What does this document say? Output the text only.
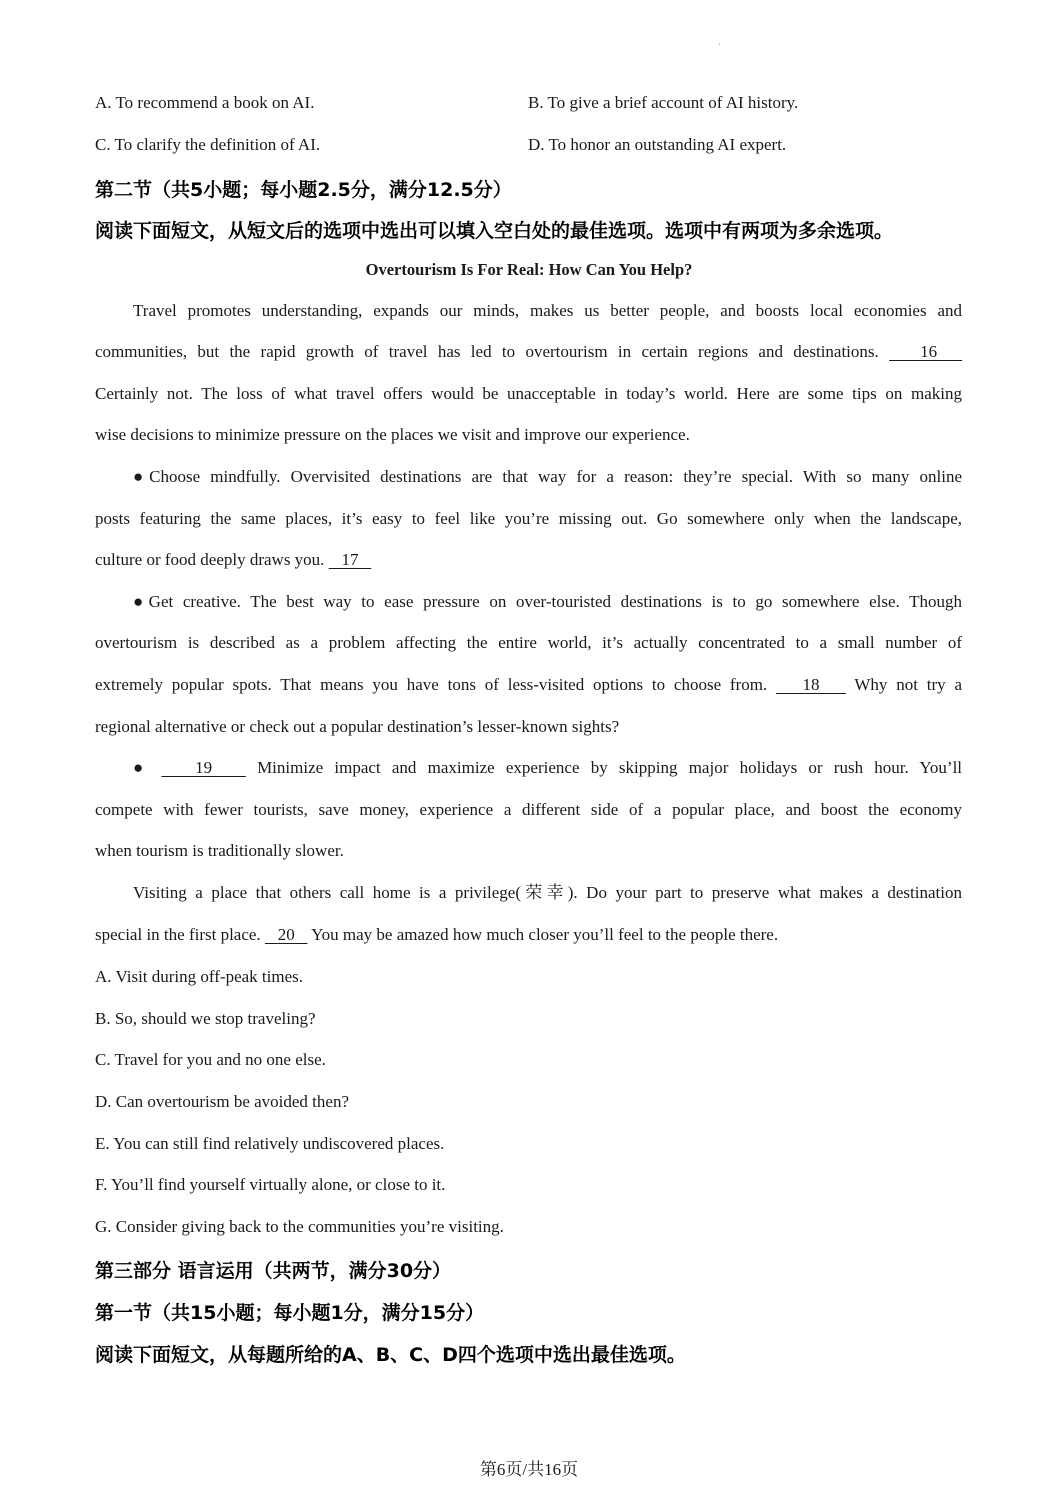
·
A. To recommend a book on AI.	B. To give a brief account of AI history.
C. To clarify the definition of AI.	D. To honor an outstanding AI expert.
第二节（共5小题；每小题2.5分，满分12.5分）
阅读下面短文，从短文后的选项中选出可以填入空白处的最佳选项。选项中有两项为多余选项。
Overtourism Is For Real: How Can You Help?
Travel promotes understanding, expands our minds, makes us better people, and boosts local economies and
communities, but the rapid growth of travel has led to overtourism in certain regions and destinations. 16
Certainly not. The loss of what travel offers would be unacceptable in today’s world. Here are some tips on making
wise decisions to minimize pressure on the places we visit and improve our experience.
●Choose mindfully. Overvisited destinations are that way for a reason: they’re special. With so many online
posts featuring the same places, it’s easy to feel like you’re missing out. Go somewhere only when the landscape,
culture or food deeply draws you. 17
●Get creative. The best way to ease pressure on over-touristed destinations is to go somewhere else. Though
overtourism is described as a problem affecting the entire world, it’s actually concentrated to a small number of
extremely popular spots. That means you have tons of less-visited options to choose from. 18 Why not try a
regional alternative or check out a popular destination’s lesser-known sights?
●	19	Minimize impact and maximize experience by skipping major holidays or rush hour. You’ll
compete with fewer tourists, save money, experience a different side of a popular place, and boost the economy
when tourism is traditionally slower.
Visiting a place that others call home is a privilege(荣幸). Do your part to preserve what makes a destination
special in the first place. 20 You may be amazed how much closer you’ll feel to the people there.
A. Visit during off-peak times.
B. So, should we stop traveling?
C. Travel for you and no one else.
D. Can overtourism be avoided then?
E. You can still find relatively undiscovered places.
F. You’ll find yourself virtually alone, or close to it.
G. Consider giving back to the communities you’re visiting.
第三部分 语言运用（共两节，满分30分）
第一节（共15小题；每小题1分，满分15分）
阅读下面短文，从每题所给的A、B、C、D四个选项中选出最佳选项。
第6页/共16页
